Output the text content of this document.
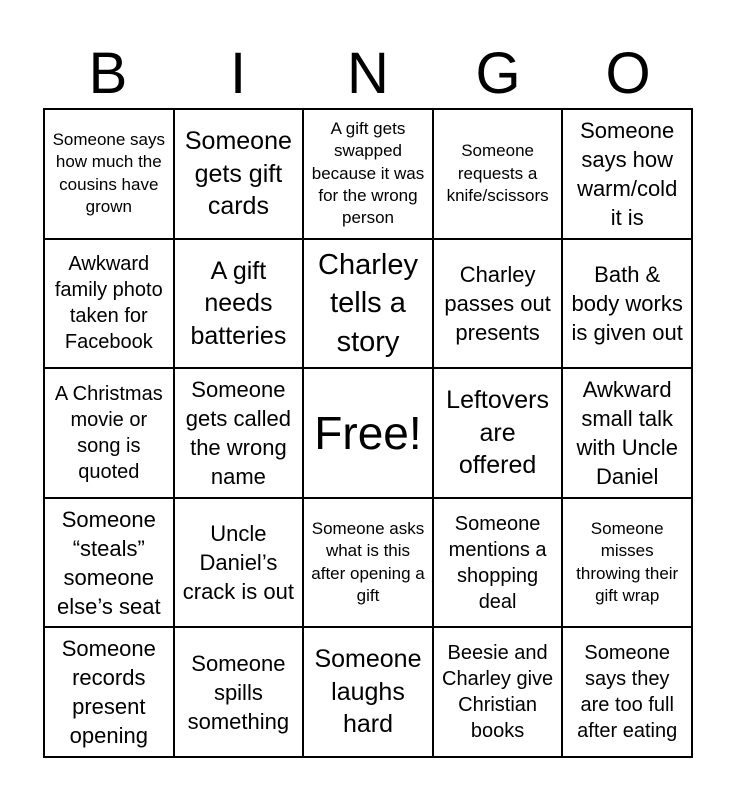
B	I	N	G	O
Someone says how much the cousins have grown
Someone gets gift cards
A gift gets swapped because it was for the wrong person
Someone requests a knife/scissors
Someone says how warm/cold it is
Awkward family photo taken for Facebook
A gift needs batteries
Charley tells a story
Charley passes out presents
Bath & body works is given out
A Christmas movie or song is quoted
Someone gets called the wrong name
Free!
Leftovers are offered
Awkward small talk with Uncle Daniel
Someone “steals” someone else’s seat
Uncle Daniel’s crack is out
Someone asks what is this after opening a gift
Someone mentions a shopping deal
Someone misses throwing their gift wrap
Someone records present opening
Someone spills something
Someone laughs hard
Beesie and Charley give Christian books
Someone says they are too full after eating
